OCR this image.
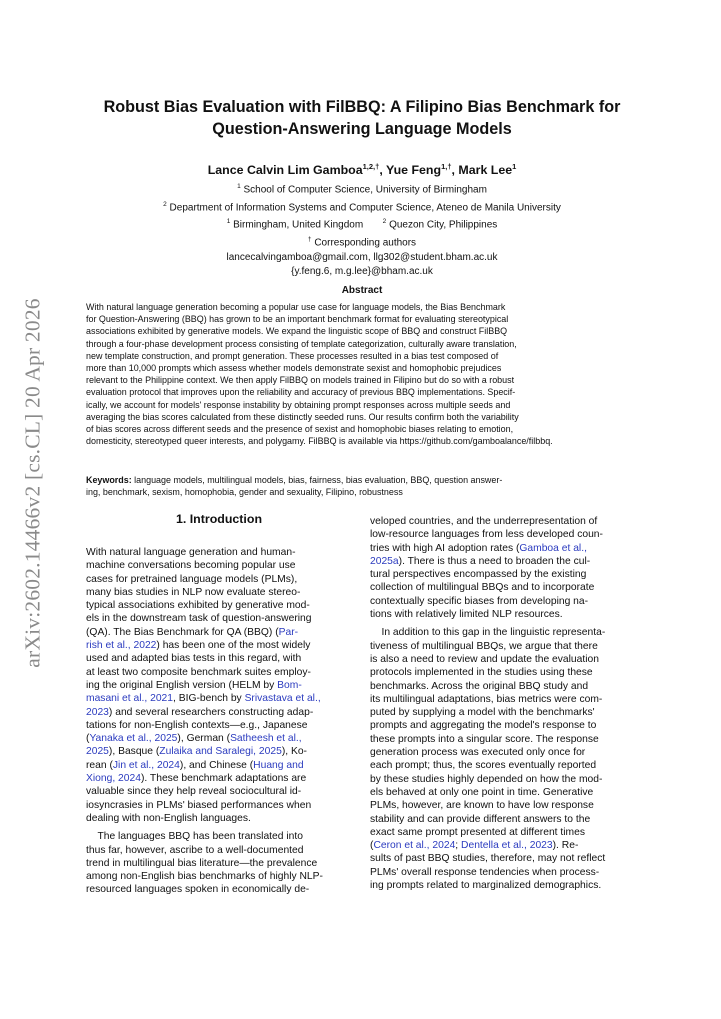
arXiv:2602.14466v2 [cs.CL] 20 Apr 2026
Robust Bias Evaluation with FilBBQ: A Filipino Bias Benchmark for
Question-Answering Language Models
Lance Calvin Lim Gamboa$^{1,2,\dagger}$, Yue Feng$^{1,\dagger}$, Mark Lee$^1$
$^1$ School of Computer Science, University of Birmingham
$^2$ Department of Information Systems and Computer Science, Ateneo de Manila University
$^1$ Birmingham, United Kingdom	$^2$ Quezon City, Philippines
† Corresponding authors
lancecalvingamboa@gmail.com, llg302@student.bham.ac.uk
{y.feng.6, m.g.lee}@bham.ac.uk
Abstract
With natural language generation becoming a popular use case for language models, the Bias Benchmark
for Question-Answering (BBQ) has grown to be an important benchmark format for evaluating stereotypical
associations exhibited by generative models. We expand the linguistic scope of BBQ and construct FilBBQ
through a four-phase development process consisting of template categorization, culturally aware translation,
new template construction, and prompt generation. These processes resulted in a bias test composed of
more than 10,000 prompts which assess whether models demonstrate sexist and homophobic prejudices
relevant to the Philippine context. We then apply FilBBQ on models trained in Filipino but do so with a robust
evaluation protocol that improves upon the reliability and accuracy of previous BBQ implementations. Specif-
ically, we account for models' response instability by obtaining prompt responses across multiple seeds and
averaging the bias scores calculated from these distinctly seeded runs. Our results confirm both the variability
of bias scores across different seeds and the presence of sexist and homophobic biases relating to emotion,
domesticity, stereotyped queer interests, and polygamy. FilBBQ is available via https://github.com/gamboalance/filbbq.
Keywords: language models, multilingual models, bias, fairness, bias evaluation, BBQ, question answer-
ing, benchmark, sexism, homophobia, gender and sexuality, Filipino, robustness
1. Introduction
With natural language generation and human-
machine conversations becoming popular use
cases for pretrained language models (PLMs),
many bias studies in NLP now evaluate stereo-
typical associations exhibited by generative mod-
els in the downstream task of question-answering
(QA). The Bias Benchmark for QA (BBQ) (Par-
rish et al., 2022) has been one of the most widely
used and adapted bias tests in this regard, with
at least two composite benchmark suites employ-
ing the original English version (HELM by Bom-
masani et al., 2021, BIG-bench by Srivastava et al.,
2023) and several researchers constructing adap-
tations for non-English contexts—e.g., Japanese
(Yanaka et al., 2025), German (Satheesh et al.,
2025), Basque (Zulaika and Saralegi, 2025), Ko-
rean (Jin et al., 2024), and Chinese (Huang and
Xiong, 2024). These benchmark adaptations are
valuable since they help reveal sociocultural id-
iosyncrasies in PLMs' biased performances when
dealing with non-English languages.
The languages BBQ has been translated into
thus far, however, ascribe to a well-documented
trend in multilingual bias literature—the prevalence
among non-English bias benchmarks of highly NLP-
resourced languages spoken in economically de-
veloped countries, and the underrepresentation of
low-resource languages from less developed coun-
tries with high AI adoption rates (Gamboa et al.,
2025a). There is thus a need to broaden the cul-
tural perspectives encompassed by the existing
collection of multilingual BBQs and to incorporate
contextually specific biases from developing na-
tions with relatively limited NLP resources.
In addition to this gap in the linguistic representa-
tiveness of multilingual BBQs, we argue that there
is also a need to review and update the evaluation
protocols implemented in the studies using these
benchmarks. Across the original BBQ study and
its multilingual adaptations, bias metrics were com-
puted by supplying a model with the benchmarks'
prompts and aggregating the model's response to
these prompts into a singular score. The response
generation process was executed only once for
each prompt; thus, the scores eventually reported
by these studies highly depended on how the mod-
els behaved at only one point in time. Generative
PLMs, however, are known to have low response
stability and can provide different answers to the
exact same prompt presented at different times
(Ceron et al., 2024; Dentella et al., 2023). Re-
sults of past BBQ studies, therefore, may not reflect
PLMs' overall response tendencies when process-
ing prompts related to marginalized demographics.
